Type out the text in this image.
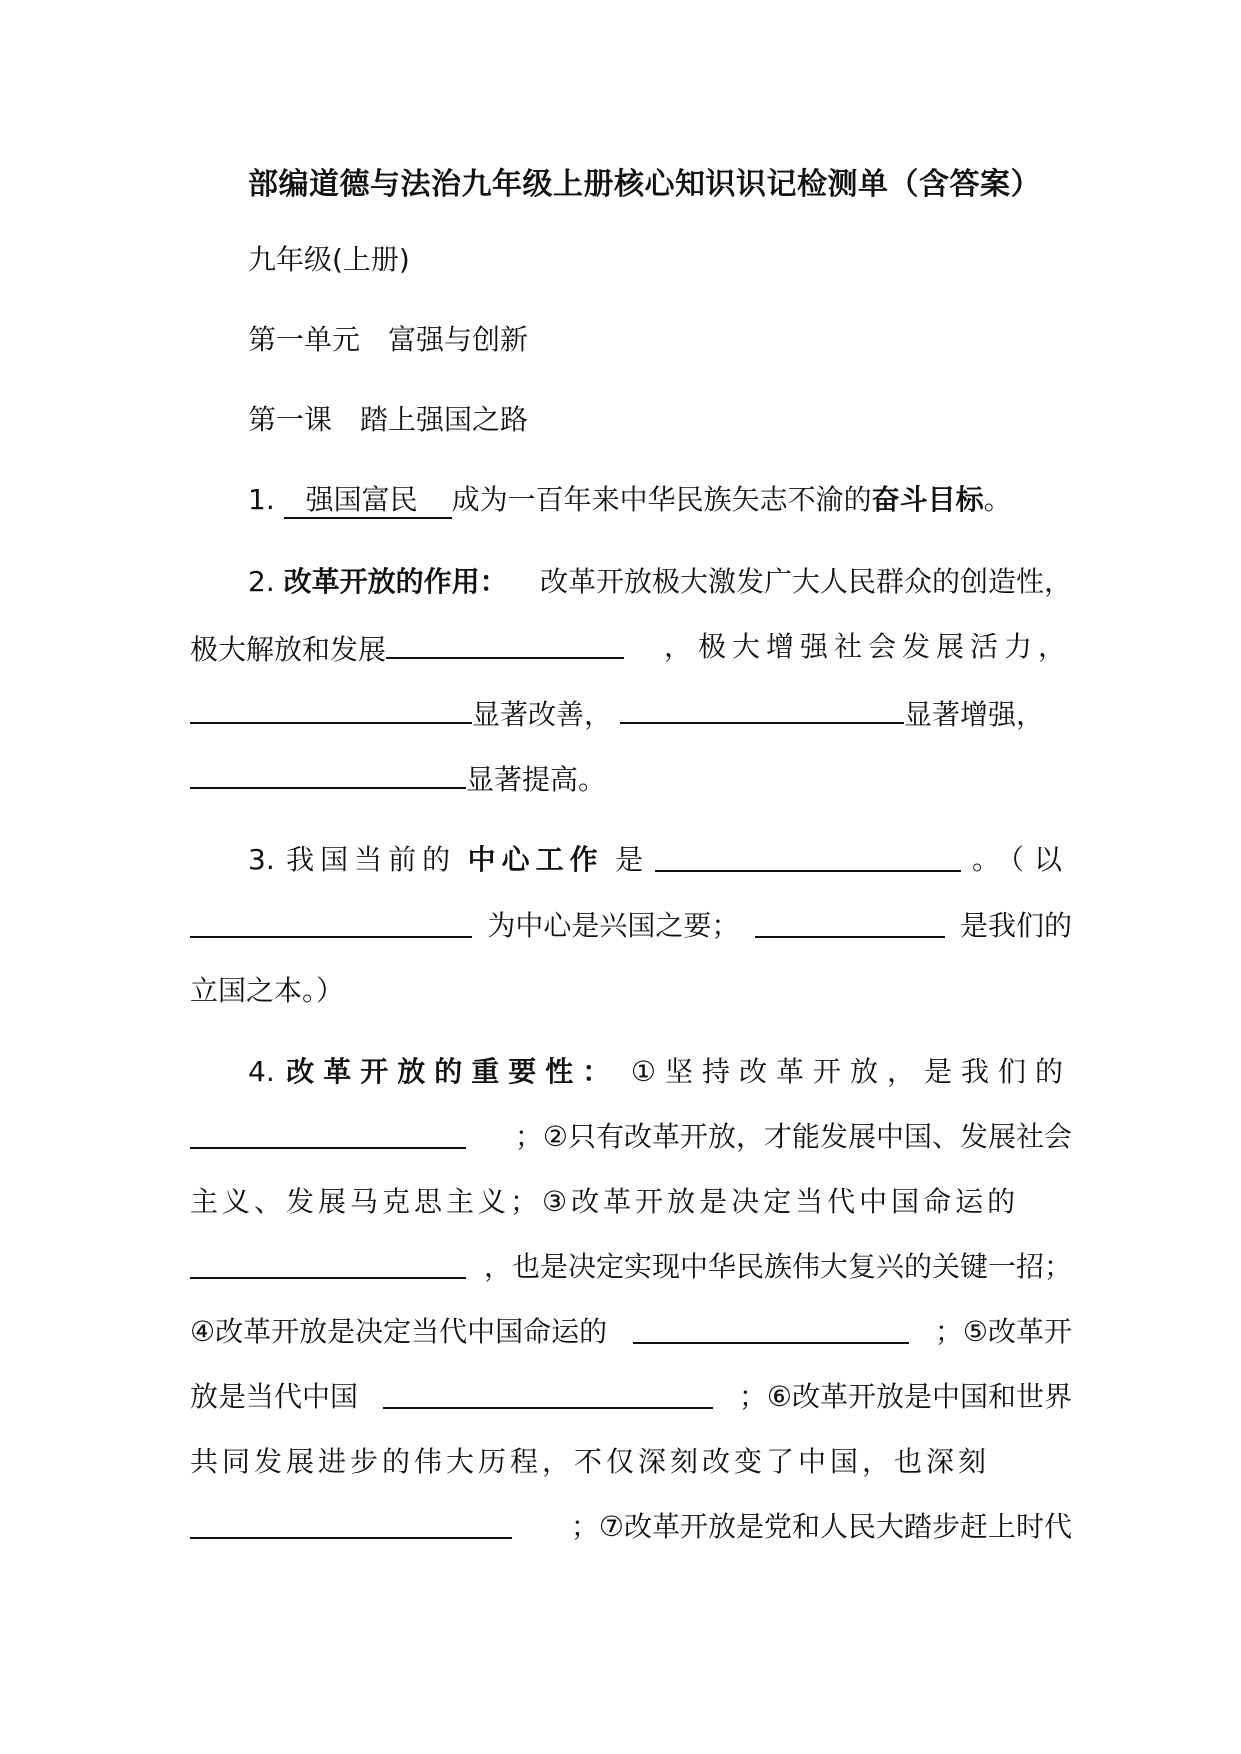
部编道德与法治九年级上册核心知识识记检测单（含答案）
九年级(上册)
第一单元　富强与创新
第一课　踏上强国之路
1. 强国富民 成为一百年来中华民族矢志不渝的奋斗目标。
2. 改革开放的作用： 改革开放极大激发广大人民群众的创造性，
极大解放和发展	，极大增强社会发展活力，
显著改善，	显著增强，
显著提高。
3. 我国当前的 中心工作 是	。（以
为中心是兴国之要；	是我们的
立国之本。）
4. 改革开放的重要性： ①坚持改革开放，是我们的
；②只有改革开放，才能发展中国、发展社会
主义、发展马克思主义；③改革开放是决定当代中国命运的
，也是决定实现中华民族伟大复兴的关键一招；
④改革开放是决定当代中国命运的	；⑤改革开
放是当代中国	；⑥改革开放是中国和世界
共同发展进步的伟大历程，不仅深刻改变了中国，也深刻
；⑦改革开放是党和人民大踏步赶上时代
